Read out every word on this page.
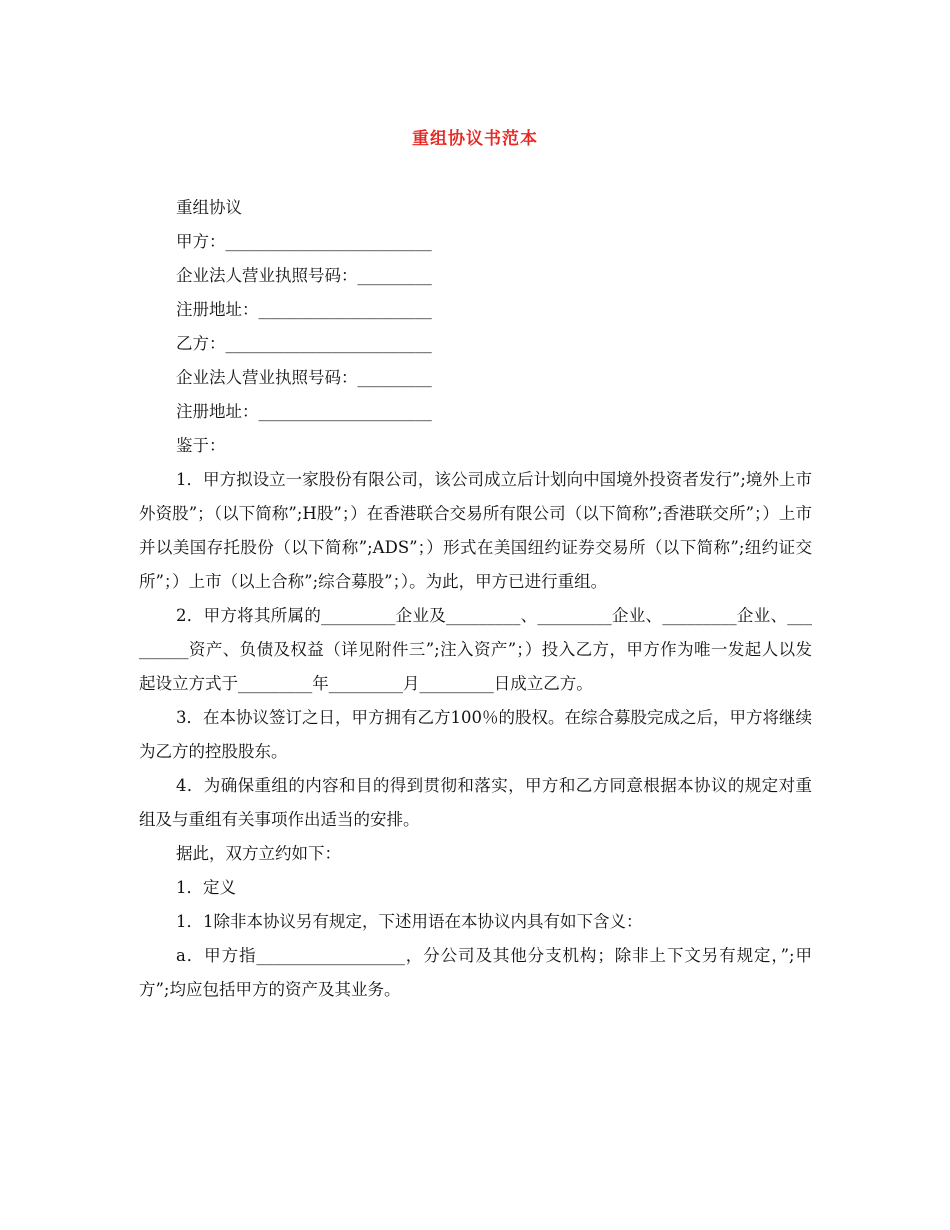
重组协议书范本

重组协议

甲方：_________________________

企业法人营业执照号码：_________

注册地址：_____________________

乙方：_________________________

企业法人营业执照号码：_________

注册地址：_____________________

鉴于：

1．甲方拟设立一家股份有限公司，该公司成立后计划向中国境外投资者发行”;境外上市外资股”；（以下简称”;H股”；）在香港联合交易所有限公司（以下简称”;香港联交所”；）上市并以美国存托股份（以下简称”;ADS”；）形式在美国纽约证券交易所（以下简称”;纽约证交所”；）上市（以上合称”;综合募股”；）。为此，甲方已进行重组。

2．甲方将其所属的_________企业及_________、_________企业、_________企业、_________资产、负债及权益（详见附件三”;注入资产”；）投入乙方，甲方作为唯一发起人以发起设立方式于_________年_________月_________日成立乙方。

3．在本协议签订之日，甲方拥有乙方100％的股权。在综合募股完成之后，甲方将继续为乙方的控股股东。

4．为确保重组的内容和目的得到贯彻和落实，甲方和乙方同意根据本协议的规定对重组及与重组有关事项作出适当的安排。

据此，双方立约如下：

1．定义

1．1除非本协议另有规定，下述用语在本协议内具有如下含义：

a．甲方指__________________，分公司及其他分支机构；除非上下文另有规定，”;甲方”;均应包括甲方的资产及其业务。
